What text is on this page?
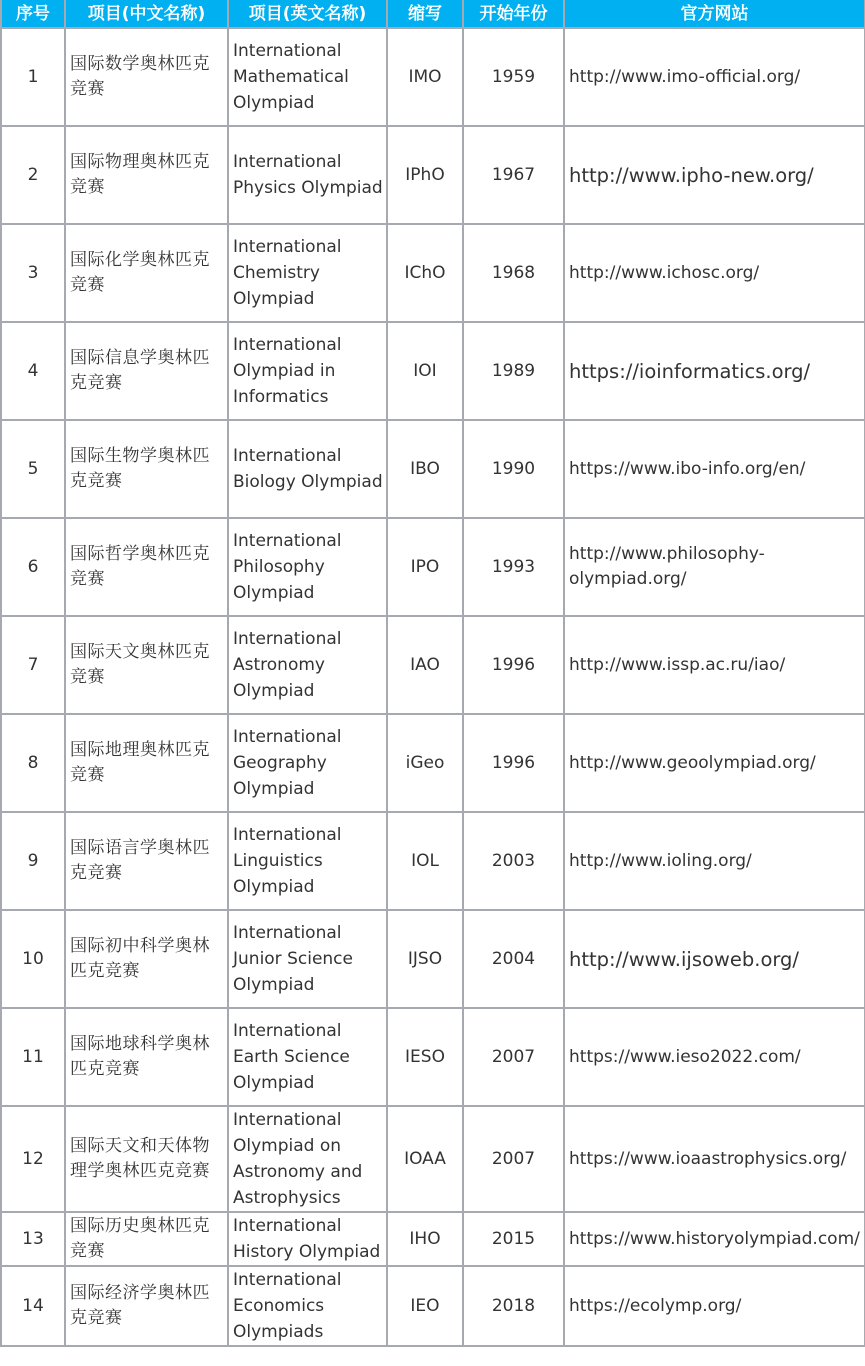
序号	项目(中文名称)	项目(英文名称)	缩写	开始年份	官方网站
1	国际数学奥林匹克竞赛	International Mathematical Olympiad	IMO	1959	http://www.imo-official.org/
2	国际物理奥林匹克竞赛	International Physics Olympiad	IPhO	1967	http://www.ipho-new.org/
3	国际化学奥林匹克竞赛	International Chemistry Olympiad	IChO	1968	http://www.ichosc.org/
4	国际信息学奥林匹克竞赛	International Olympiad in Informatics	IOI	1989	https://ioinformatics.org/
5	国际生物学奥林匹克竞赛	International Biology Olympiad	IBO	1990	https://www.ibo-info.org/en/
6	国际哲学奥林匹克竞赛	International Philosophy Olympiad	IPO	1993	http://www.philosophy-olympiad.org/
7	国际天文奥林匹克竞赛	International Astronomy Olympiad	IAO	1996	http://www.issp.ac.ru/iao/
8	国际地理奥林匹克竞赛	International Geography Olympiad	iGeo	1996	http://www.geoolympiad.org/
9	国际语言学奥林匹克竞赛	International Linguistics Olympiad	IOL	2003	http://www.ioling.org/
10	国际初中科学奥林匹克竞赛	International Junior Science Olympiad	IJSO	2004	http://www.ijsoweb.org/
11	国际地球科学奥林匹克竞赛	International Earth Science Olympiad	IESO	2007	https://www.ieso2022.com/
12	国际天文和天体物理学奥林匹克竞赛	International Olympiad on Astronomy and Astrophysics	IOAA	2007	https://www.ioaastrophysics.org/
13	国际历史奥林匹克竞赛	International History Olympiad	IHO	2015	https://www.historyolympiad.com/
14	国际经济学奥林匹克竞赛	International Economics Olympiads	IEO	2018	https://ecolymp.org/
